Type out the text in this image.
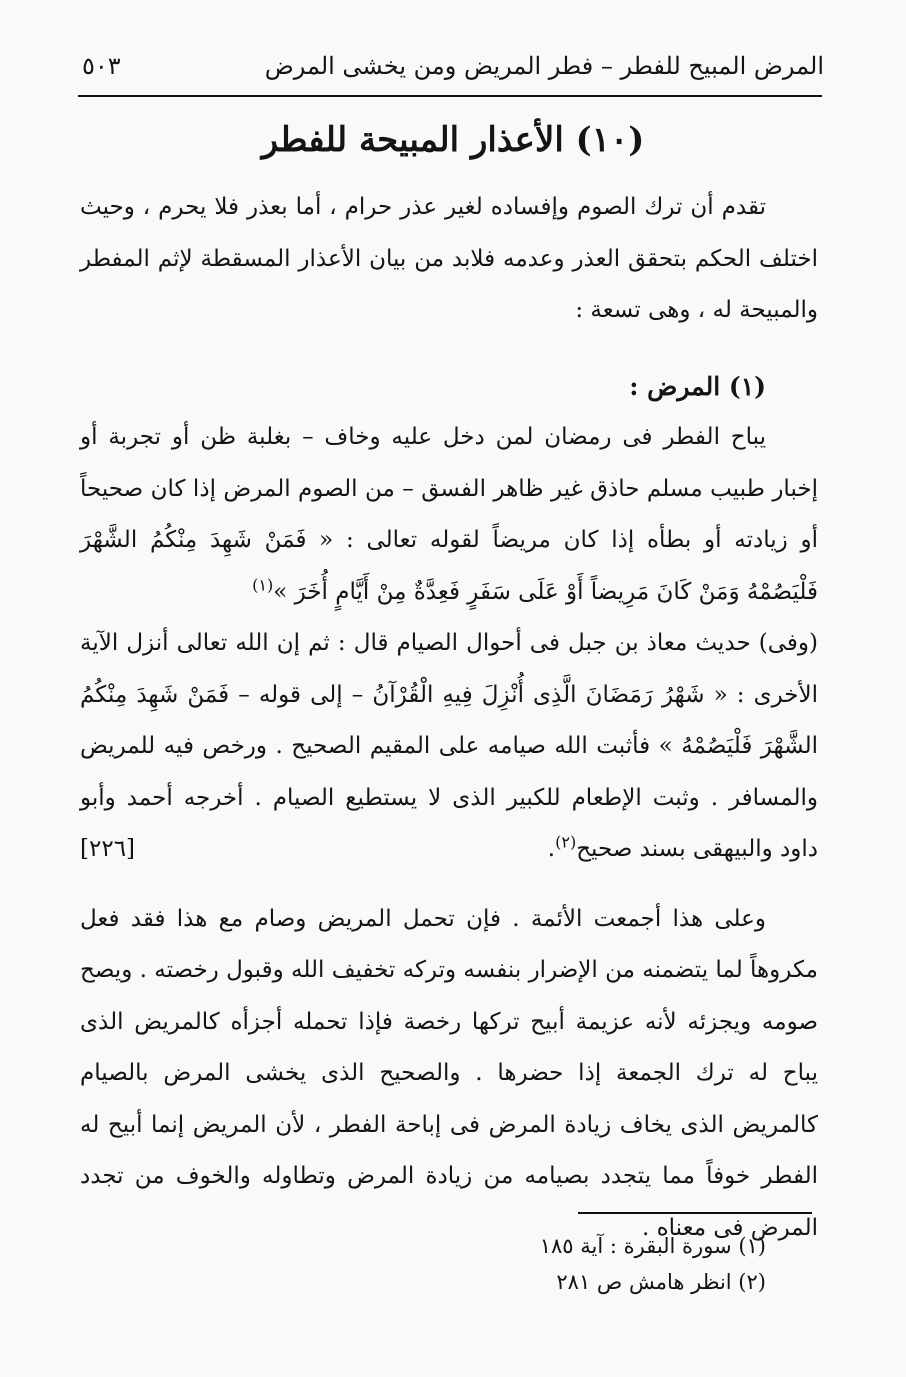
المرض المبيح للفطر – فطر المريض ومن يخشى المرض
٥٠٣
(١٠) الأعذار المبيحة للفطر

تقدم أن ترك الصوم وإفساده لغير عذر حرام ، أما بعذر فلا يحرم ، وحيث اختلف الحكم بتحقق العذر وعدمه فلابد من بيان الأعذار المسقطة لإثم المفطر والمبيحة له ، وهى تسعة :

(١) المرض :

يباح الفطر فى رمضان لمن دخل عليه وخاف – بغلبة ظن أو تجربة أو إخبار طبيب مسلم حاذق غير ظاهر الفسق – من الصوم المرض إذا كان صحيحاً أو زيادته أو بطأه إذا كان مريضاً لقوله تعالى : « فَمَنْ شَهِدَ مِنْكُمُ الشَّهْرَ فَلْيَصُمْهُ وَمَنْ كَانَ مَرِيضاً أَوْ عَلَى سَفَرٍ فَعِدَّةٌ مِنْ أَيَّامٍ أُخَرَ »$^{(١)}$

(وفى) حديث معاذ بن جبل فى أحوال الصيام قال : ثم إن الله تعالى أنزل الآية الأخرى : « شَهْرُ رَمَضَانَ الَّذِى أُنْزِلَ فِيهِ الْقُرْآنُ – إلى قوله – فَمَنْ شَهِدَ مِنْكُمُ الشَّهْرَ فَلْيَصُمْهُ » فأثبت الله صيامه على المقيم الصحيح . ورخص فيه للمريض والمسافر . وثبت الإطعام للكبير الذى لا يستطيع الصيام . أخرجه أحمد وأبو داود والبيهقى بسند صحيح$^{(٢)}$.
[٢٢٦]

وعلى هذا أجمعت الأئمة . فإن تحمل المريض وصام مع هذا فقد فعل مكروهاً لما يتضمنه من الإضرار بنفسه وتركه تخفيف الله وقبول رخصته . ويصح صومه ويجزئه لأنه عزيمة أبيح تركها رخصة فإذا تحمله أجزأه كالمريض الذى يباح له ترك الجمعة إذا حضرها . والصحيح الذى يخشى المرض بالصيام كالمريض الذى يخاف زيادة المرض فى إباحة الفطر ، لأن المريض إنما أبيح له الفطر خوفاً مما يتجدد بصيامه من زيادة المرض وتطاوله والخوف من تجدد المرض فى معناه .

(١) سورة البقرة : آية ١٨٥

(٢) انظر هامش ص ٢٨١
